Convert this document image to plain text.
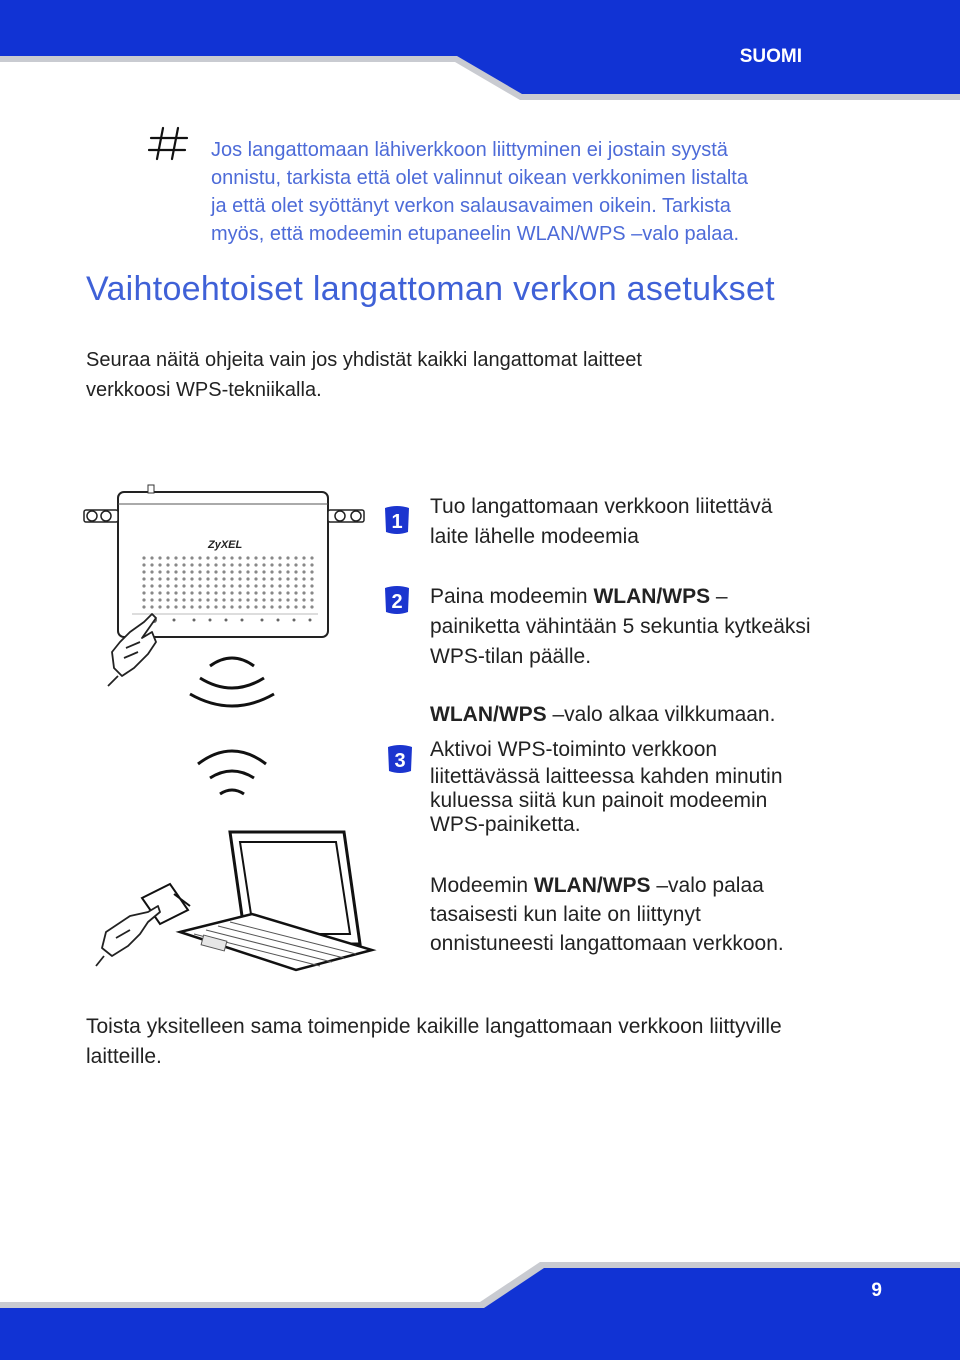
SUOMI
Jos langattomaan lähiverkkoon liittyminen ei jostain syystä
onnistu, tarkista että olet valinnut oikean verkkonimen listalta
ja että olet syöttänyt verkon salausavaimen oikein. Tarkista
myös, että modeemin etupaneelin WLAN/WPS –valo palaa.
Vaihtoehtoiset langattoman verkon asetukset
Seuraa näitä ohjeita vain jos yhdistät kaikki langattomat laitteet
verkkoosi WPS-tekniikalla.
ZyXEL
1
2
3
Tuo langattomaan verkkoon liitettävä
laite lähelle modeemia
Paina modeemin WLAN/WPS –
painiketta vähintään 5 sekuntia kytkeäksi
WPS-tilan päälle.
WLAN/WPS –valo alkaa vilkkumaan.
Aktivoi WPS-toiminto verkkoon
liitettävässä laitteessa kahden minutin
kuluessa siitä kun painoit modeemin
WPS-painiketta.
Modeemin WLAN/WPS –valo palaa
tasaisesti kun laite on liittynyt
onnistuneesti langattomaan verkkoon.
Toista yksitelleen sama toimenpide kaikille langattomaan verkkoon liittyville
laitteille.
9
